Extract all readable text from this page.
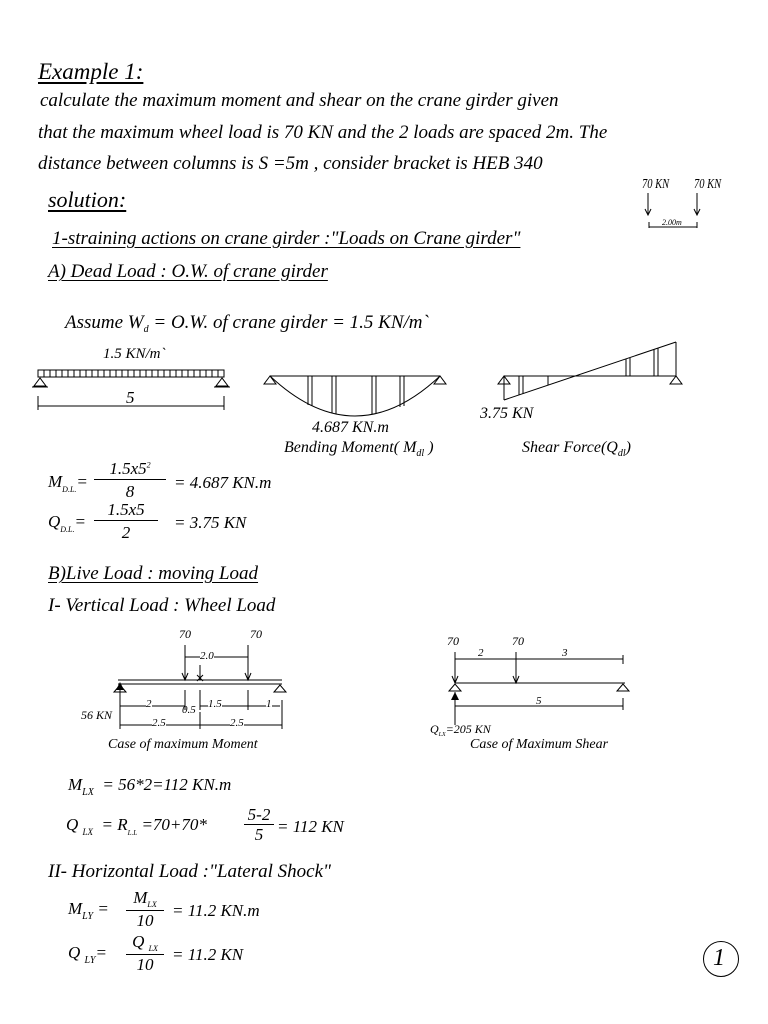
Example 1:
calculate the maximum moment and shear on the crane girder given
that the maximum wheel load is 70 KN and the 2 loads are spaced 2m. The
distance between columns is S =5m , consider bracket is HEB 340
70 KN 70 KN
2.00m
solution:
1-straining actions on crane girder :"Loads on Crane girder"
A) Dead Load : O.W. of crane girder
Assume $W_d = O.W$. of crane girder = 1.5 KN/m`
1.5 KN/m`
5
4.687 KN.m
Bending Moment( $M_{dl}$ )
3.75 KN
Shear $Force(Q_{dl})$
$M_{D.L.}= \frac{1.5x5^2}{8} = 4.687$ KN.m
$Q_{D.L.}= \frac{1.5x5}{2} = 3.75$ KN
B)Live Load : moving Load
I- Vertical Load : Wheel Load
70	70
2.0
2	0.5 1.5	1
2.5	2.5
56 KN
Case of maximum Moment
70	70
2	3
5
$Q_{LX}=205$ KN
Case of Maximum Shear
$M_{LX} = 56*2=112$ KN.m
Q $_{LX} = R_{L.L} =70+70* \frac{5-2}{5} = 112$ KN
II- Horizontal Load :"Lateral Shock"
$M_{LY}$ =
$M_{LX}$
10
= 11.2 KN.m
Q $_{LY}= \frac{Q _{LX}}{10} = 11.2$ KN	1
